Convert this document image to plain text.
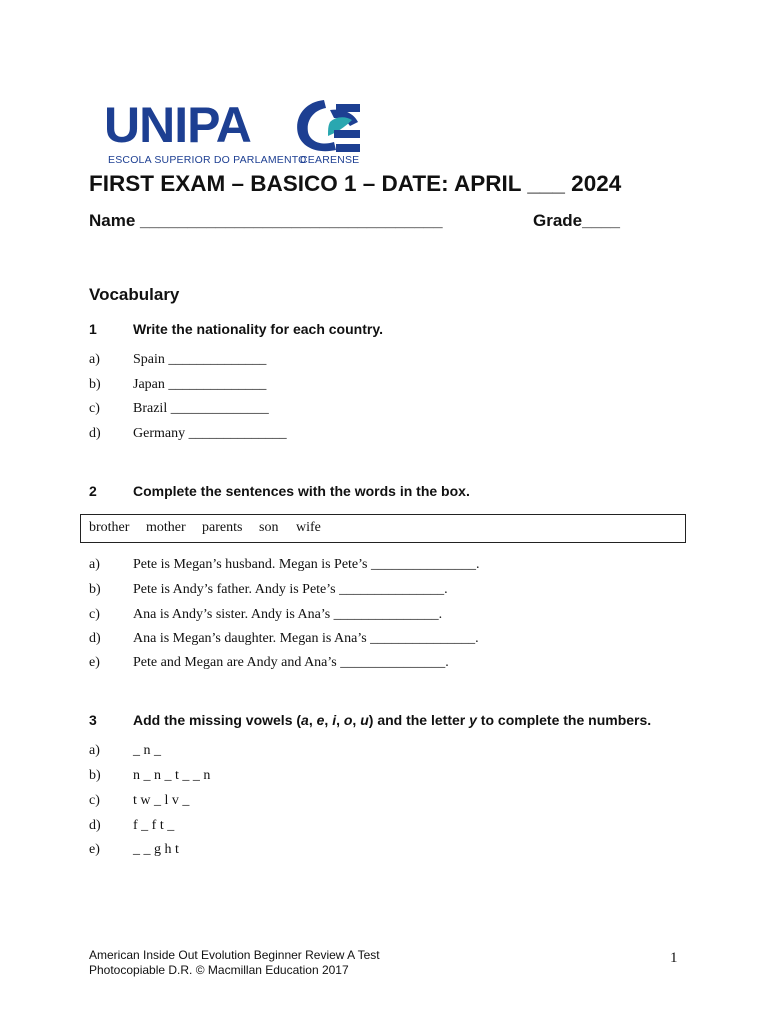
UNIPA
ESCOLA SUPERIOR DO PARLAMENTO
CEARENSE
FIRST EXAM – BASICO 1 – DATE: APRIL ___ 2024
Name ________________________________	Grade____
Vocabulary
1	Write the nationality for each country.
a) Spain ______________
b) Japan ______________
c) Brazil ______________
d) Germany ______________
2	Complete the sentences with the words in the box.
brother mother parents son wife
a) Pete is Megan’s husband. Megan is Pete’s _______________.
b) Pete is Andy’s father. Andy is Pete’s _______________.
c) Ana is Andy’s sister. Andy is Ana’s _______________.
d) Ana is Megan’s daughter. Megan is Ana’s _______________.
e) Pete and Megan are Andy and Ana’s _______________.
3	Add the missing vowels (a, e, i, o, u) and the letter y to complete the numbers.
a) _ n _
b) n _ n _ t _ _ n
c) t w _ l v _
d) f _ f t _
e) _ _ g h t
American Inside Out Evolution Beginner Review A Test
Photocopiable D.R. © Macmillan Education 2017
1
